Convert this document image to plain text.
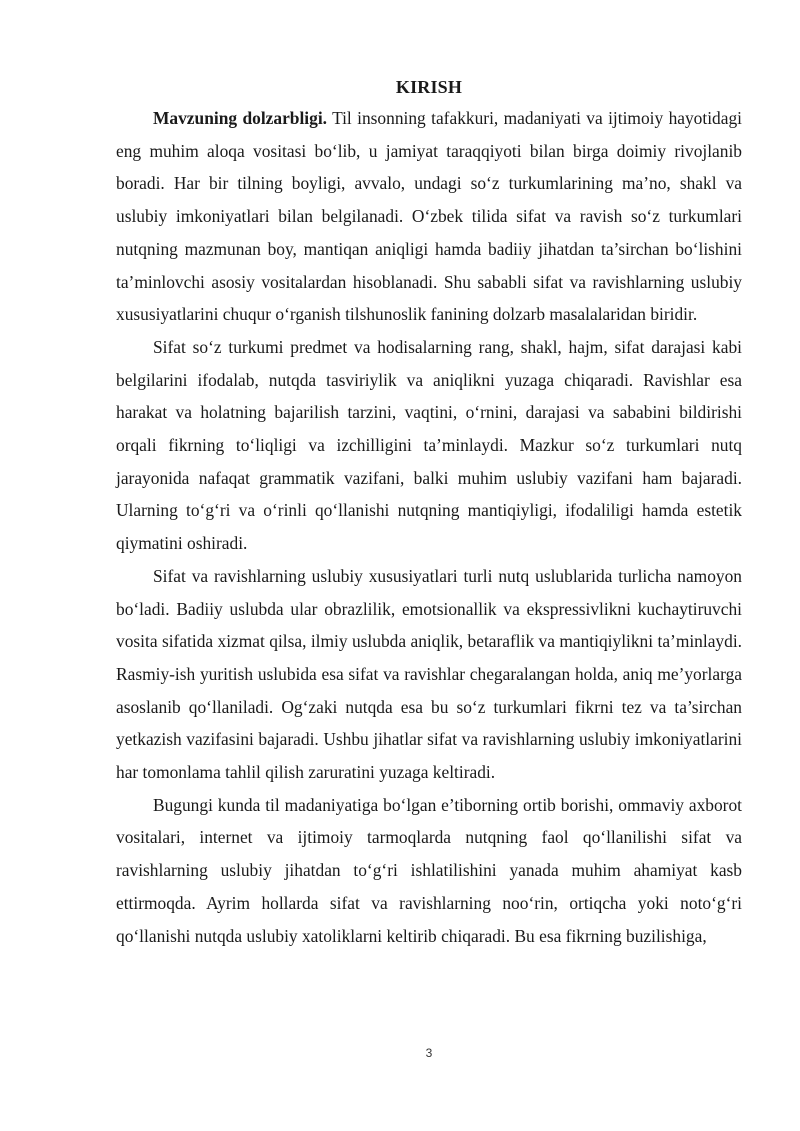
KIRISH

Mavzuning dolzarbligi. Til insonning tafakkuri, madaniyati va ijtimoiy hayotidagi eng muhim aloqa vositasi bo‘lib, u jamiyat taraqqiyoti bilan birga doimiy rivojlanib boradi. Har bir tilning boyligi, avvalo, undagi so‘z turkumlarining ma’no, shakl va uslubiy imkoniyatlari bilan belgilanadi. O‘zbek tilida sifat va ravish so‘z turkumlari nutqning mazmunan boy, mantiqan aniqligi hamda badiiy jihatdan ta’sirchan bo‘lishini ta’minlovchi asosiy vositalardan hisoblanadi. Shu sababli sifat va ravishlarning uslubiy xususiyatlarini chuqur o‘rganish tilshunoslik fanining dolzarb masalalaridan biridir.

Sifat so‘z turkumi predmet va hodisalarning rang, shakl, hajm, sifat darajasi kabi belgilarini ifodalab, nutqda tasviriylik va aniqlikni yuzaga chiqaradi. Ravishlar esa harakat va holatning bajarilish tarzini, vaqtini, o‘rnini, darajasi va sababini bildirishi orqali fikrning to‘liqligi va izchilligini ta’minlaydi. Mazkur so‘z turkumlari nutq jarayonida nafaqat grammatik vazifani, balki muhim uslubiy vazifani ham bajaradi. Ularning to‘g‘ri va o‘rinli qo‘llanishi nutqning mantiqiyligi, ifodaliligi hamda estetik qiymatini oshiradi.

Sifat va ravishlarning uslubiy xususiyatlari turli nutq uslublarida turlicha namoyon bo‘ladi. Badiiy uslubda ular obrazlilik, emotsionallik va ekspressivlikni kuchaytiruvchi vosita sifatida xizmat qilsa, ilmiy uslubda aniqlik, betaraflik va mantiqiylikni ta’minlaydi. Rasmiy-ish yuritish uslubida esa sifat va ravishlar chegaralangan holda, aniq me’yorlarga asoslanib qo‘llaniladi. Og‘zaki nutqda esa bu so‘z turkumlari fikrni tez va ta’sirchan yetkazish vazifasini bajaradi. Ushbu jihatlar sifat va ravishlarning uslubiy imkoniyatlarini har tomonlama tahlil qilish zaruratini yuzaga keltiradi.

Bugungi kunda til madaniyatiga bo‘lgan e’tiborning ortib borishi, ommaviy axborot vositalari, internet va ijtimoiy tarmoqlarda nutqning faol qo‘llanilishi sifat va ravishlarning uslubiy jihatdan to‘g‘ri ishlatilishini yanada muhim ahamiyat kasb ettirmoqda. Ayrim hollarda sifat va ravishlarning noo‘rin, ortiqcha yoki noto‘g‘ri qo‘llanishi nutqda uslubiy xatoliklarni keltirib chiqaradi. Bu esa fikrning buzilishiga,

3
